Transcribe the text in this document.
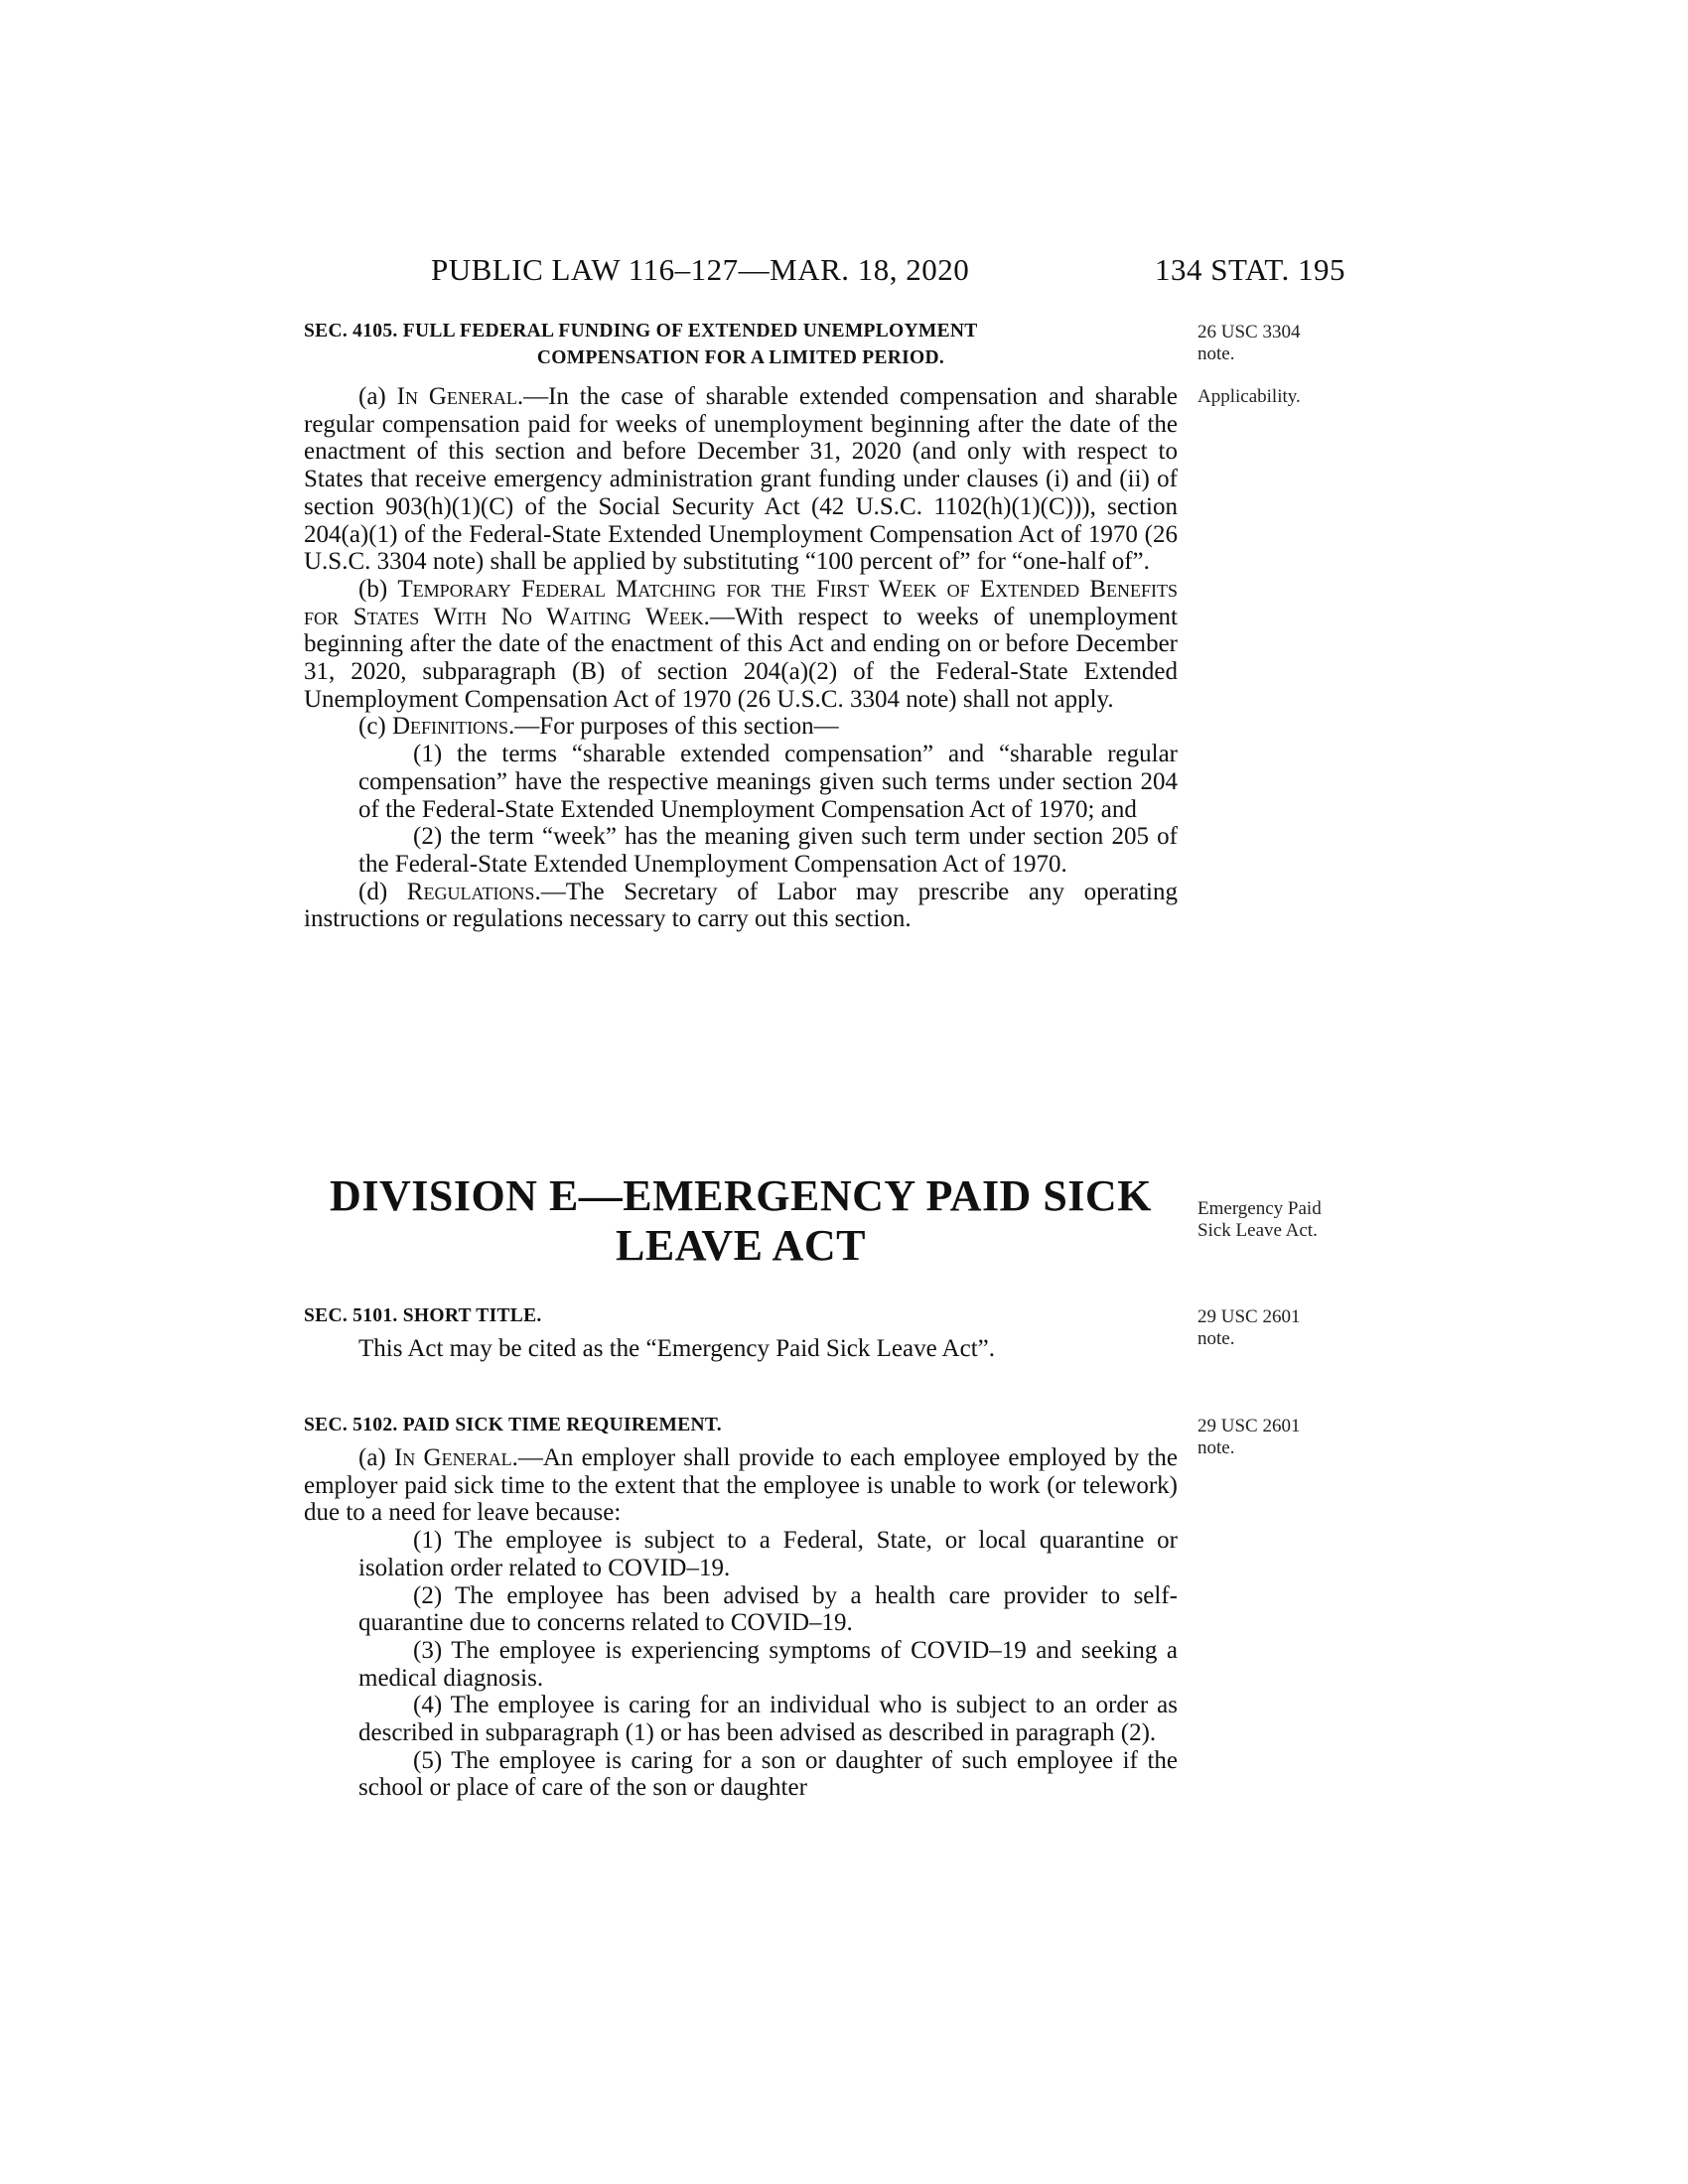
PUBLIC LAW 116–127—MAR. 18, 2020	134 STAT. 195
SEC. 4105. FULL FEDERAL FUNDING OF EXTENDED UNEMPLOYMENT
COMPENSATION FOR A LIMITED PERIOD.

(a) In General.—In the case of sharable extended compensation and sharable regular compensation paid for weeks of unemployment beginning after the date of the enactment of this section and before December 31, 2020 (and only with respect to States that receive emergency administration grant funding under clauses (i) and (ii) of section 903(h)(1)(C) of the Social Security Act (42 U.S.C. 1102(h)(1)(C))), section 204(a)(1) of the Federal-State Extended Unemployment Compensation Act of 1970 (26 U.S.C. 3304 note) shall be applied by substituting “100 percent of” for “one-half of”.

(b) Temporary Federal Matching for the First Week of Extended Benefits for States With No Waiting Week.—With respect to weeks of unemployment beginning after the date of the enactment of this Act and ending on or before December 31, 2020, subparagraph (B) of section 204(a)(2) of the Federal-State Extended Unemployment Compensation Act of 1970 (26 U.S.C. 3304 note) shall not apply.

(c) Definitions.—For purposes of this section—

(1) the terms “sharable extended compensation” and “sharable regular compensation” have the respective meanings given such terms under section 204 of the Federal-State Extended Unemployment Compensation Act of 1970; and

(2) the term “week” has the meaning given such term under section 205 of the Federal-State Extended Unemployment Compensation Act of 1970.

(d) Regulations.—The Secretary of Labor may prescribe any operating instructions or regulations necessary to carry out this section.

DIVISION E—EMERGENCY PAID SICK
LEAVE ACT
SEC. 5101. SHORT TITLE.

This Act may be cited as the “Emergency Paid Sick Leave Act”.

SEC. 5102. PAID SICK TIME REQUIREMENT.

(a) In General.—An employer shall provide to each employee employed by the employer paid sick time to the extent that the employee is unable to work (or telework) due to a need for leave because:

(1) The employee is subject to a Federal, State, or local quarantine or isolation order related to COVID–19.

(2) The employee has been advised by a health care provider to self-quarantine due to concerns related to COVID–19.

(3) The employee is experiencing symptoms of COVID–19 and seeking a medical diagnosis.

(4) The employee is caring for an individual who is subject to an order as described in subparagraph (1) or has been advised as described in paragraph (2).

(5) The employee is caring for a son or daughter of such employee if the school or place of care of the son or daughter

26 USC 3304
note.
Applicability.
Emergency Paid
Sick Leave Act.
29 USC 2601
note.
29 USC 2601
note.
